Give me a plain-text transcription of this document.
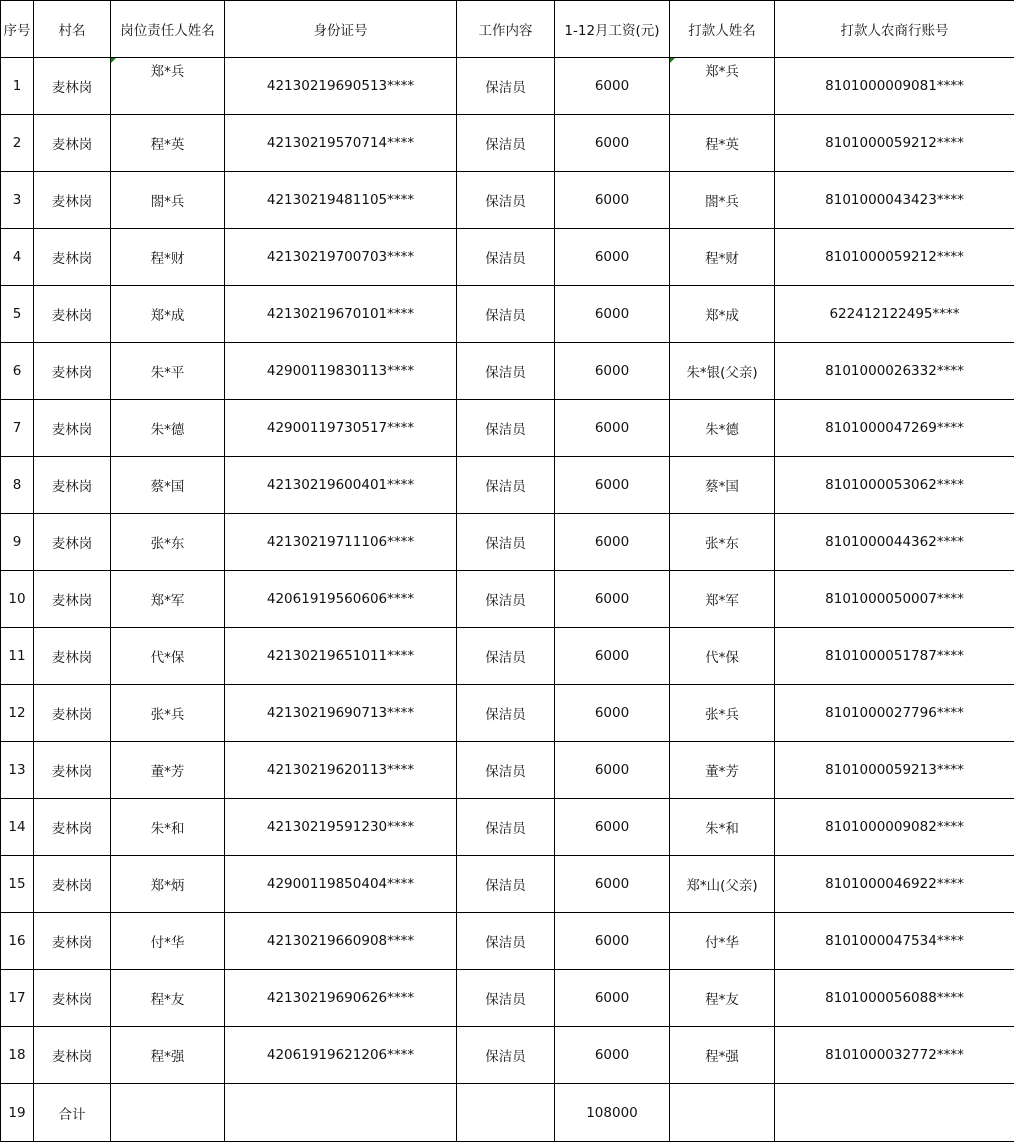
序号	村名	岗位责任人姓名	身份证号	工作内容	1-12月工资(元)	打款人姓名	打款人农商行账号
1	麦林岗	郑*兵	42130219690513****	保洁员	6000	郑*兵	8101000009081****
2	麦林岗	程*英	42130219570714****	保洁员	6000	程*英	8101000059212****
3	麦林岗	閤*兵	42130219481105****	保洁员	6000	閤*兵	8101000043423****
4	麦林岗	程*财	42130219700703****	保洁员	6000	程*财	8101000059212****
5	麦林岗	郑*成	42130219670101****	保洁员	6000	郑*成	622412122495****
6	麦林岗	朱*平	42900119830113****	保洁员	6000	朱*银(父亲)	8101000026332****
7	麦林岗	朱*德	42900119730517****	保洁员	6000	朱*德	8101000047269****
8	麦林岗	蔡*国	42130219600401****	保洁员	6000	蔡*国	8101000053062****
9	麦林岗	张*东	42130219711106****	保洁员	6000	张*东	8101000044362****
10	麦林岗	郑*军	42061919560606****	保洁员	6000	郑*军	8101000050007****
11	麦林岗	代*保	42130219651011****	保洁员	6000	代*保	8101000051787****
12	麦林岗	张*兵	42130219690713****	保洁员	6000	张*兵	8101000027796****
13	麦林岗	董*芳	42130219620113****	保洁员	6000	董*芳	8101000059213****
14	麦林岗	朱*和	42130219591230****	保洁员	6000	朱*和	8101000009082****
15	麦林岗	郑*炳	42900119850404****	保洁员	6000	郑*山(父亲)	8101000046922****
16	麦林岗	付*华	42130219660908****	保洁员	6000	付*华	8101000047534****
17	麦林岗	程*友	42130219690626****	保洁员	6000	程*友	8101000056088****
18	麦林岗	程*强	42061919621206****	保洁员	6000	程*强	8101000032772****
19	合计				108000		
